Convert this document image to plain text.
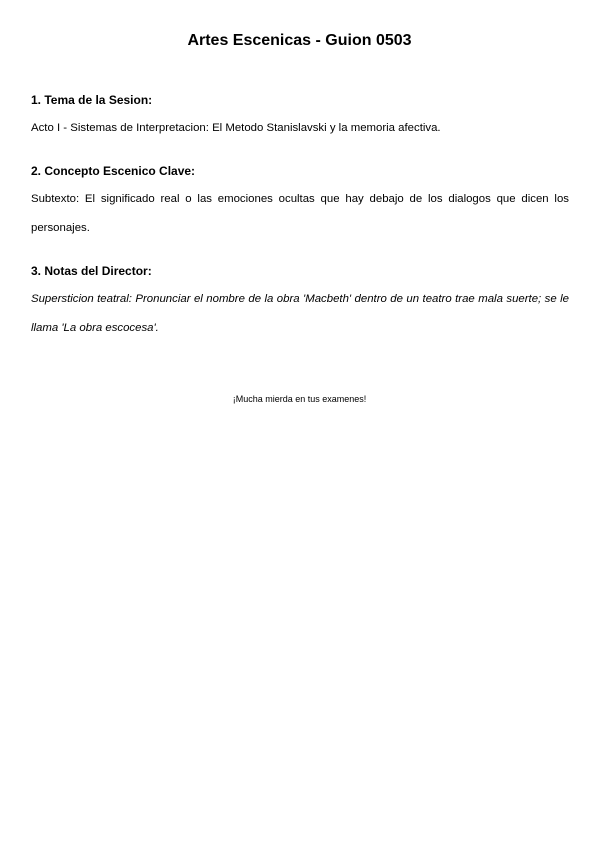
Artes Escenicas - Guion 0503

1. Tema de la Sesion:

Acto I - Sistemas de Interpretacion: El Metodo Stanislavski y la memoria afectiva.

2. Concepto Escenico Clave:

Subtexto: El significado real o las emociones ocultas que hay debajo de los dialogos que dicen los personajes.

3. Notas del Director:

Supersticion teatral: Pronunciar el nombre de la obra 'Macbeth' dentro de un teatro trae mala suerte; se le llama 'La obra escocesa'.

¡Mucha mierda en tus examenes!
